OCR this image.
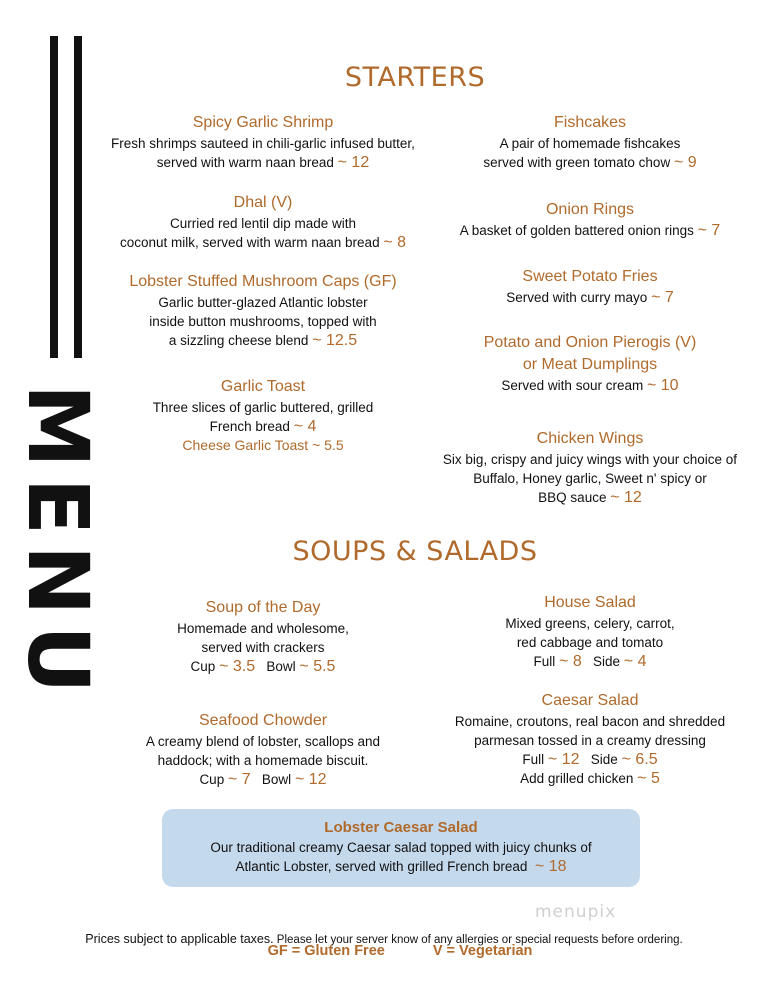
MENU
STARTERS
Spicy Garlic Shrimp
Fresh shrimps sauteed in chili-garlic infused butter,
served with warm naan bread ~ 12
Dhal (V)
Curried red lentil dip made with
coconut milk, served with warm naan bread ~ 8
Lobster Stuffed Mushroom Caps (GF)
Garlic butter-glazed Atlantic lobster
inside button mushrooms, topped with
a sizzling cheese blend ~ 12.5
Garlic Toast
Three slices of garlic buttered, grilled
French bread ~ 4
Cheese Garlic Toast ~ 5.5
Fishcakes
A pair of homemade fishcakes
served with green tomato chow ~ 9
Onion Rings
A basket of golden battered onion rings ~ 7
Sweet Potato Fries
Served with curry mayo ~ 7
Potato and Onion Pierogis (V)
or Meat Dumplings
Served with sour cream ~ 10
Chicken Wings
Six big, crispy and juicy wings with your choice of
Buffalo, Honey garlic, Sweet n' spicy or
BBQ sauce ~ 12
SOUPS & SALADS
Soup of the Day
Homemade and wholesome,
served with crackers
Cup ~ 3.5 Bowl ~ 5.5
Seafood Chowder
A creamy blend of lobster, scallops and
haddock; with a homemade biscuit.
Cup ~ 7 Bowl ~ 12
House Salad
Mixed greens, celery, carrot,
red cabbage and tomato
Full ~ 8 Side ~ 4
Caesar Salad
Romaine, croutons, real bacon and shredded
parmesan tossed in a creamy dressing
Full ~ 12 Side ~ 6.5
Add grilled chicken ~ 5
Lobster Caesar Salad
Our traditional creamy Caesar salad topped with juicy chunks of
Atlantic Lobster, served with grilled French bread ~ 18
menupix
Prices subject to applicable taxes. Please let your server know of any allergies or special requests before ordering.
GF = Gluten Free	V = Vegetarian
